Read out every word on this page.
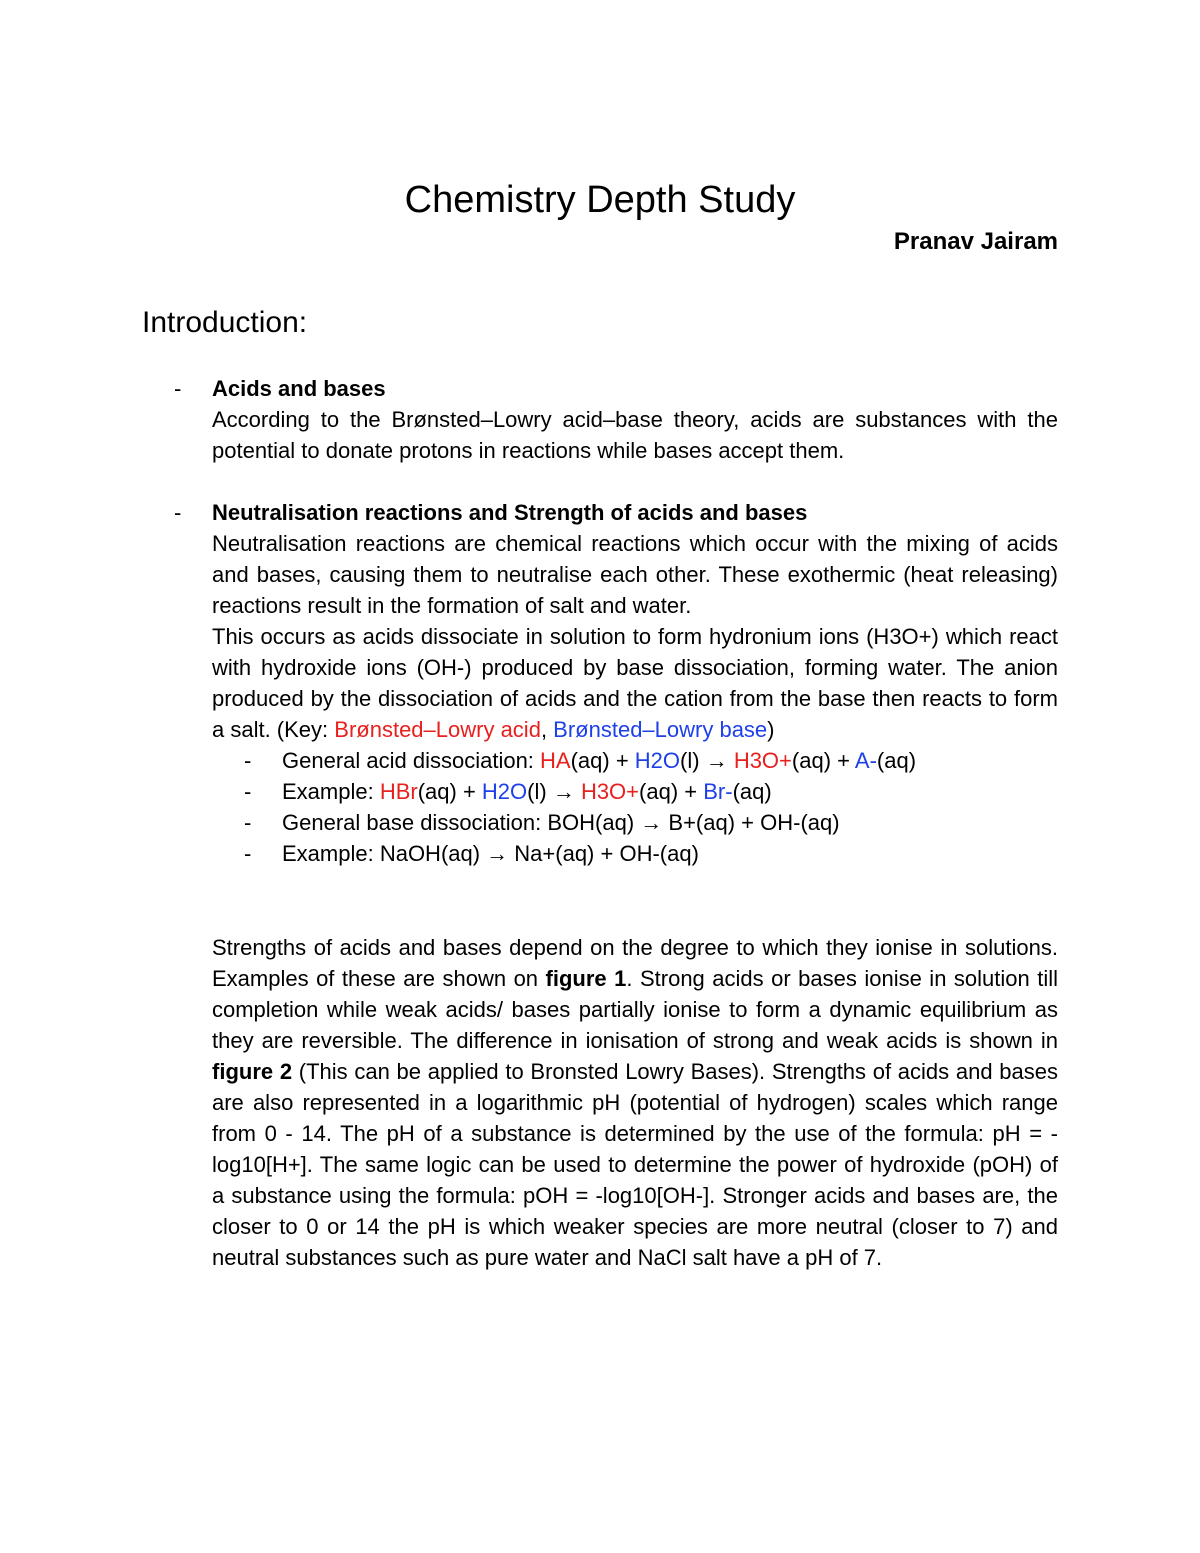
Chemistry Depth Study
Pranav Jairam
Introduction:
- Acids and bases
According to the Brønsted–Lowry acid–base theory, acids are substances with the potential to donate protons in reactions while bases accept them.
- Neutralisation reactions and Strength of acids and bases
Neutralisation reactions are chemical reactions which occur with the mixing of acids and bases, causing them to neutralise each other. These exothermic (heat releasing) reactions result in the formation of salt and water.
This occurs as acids dissociate in solution to form hydronium ions (H3O+) which react with hydroxide ions (OH-) produced by base dissociation, forming water. The anion produced by the dissociation of acids and the cation from the base then reacts to form a salt. (Key: Brønsted–Lowry acid, Brønsted–Lowry base)
- General acid dissociation: HA(aq) + H2O(l) → H3O+(aq) + A-(aq)
- Example: HBr(aq) + H2O(l) → H3O+(aq) + Br-(aq)
- General base dissociation: BOH(aq) → B+(aq) + OH-(aq)
- Example: NaOH(aq) → Na+(aq) + OH-(aq)
Strengths of acids and bases depend on the degree to which they ionise in solutions. Examples of these are shown on figure 1. Strong acids or bases ionise in solution till completion while weak acids/ bases partially ionise to form a dynamic equilibrium as they are reversible. The difference in ionisation of strong and weak acids is shown in figure 2 (This can be applied to Bronsted Lowry Bases). Strengths of acids and bases are also represented in a logarithmic pH (potential of hydrogen) scales which range from 0 - 14. The pH of a substance is determined by the use of the formula: pH = -log10[H+]. The same logic can be used to determine the power of hydroxide (pOH) of a substance using the formula: pOH = -log10[OH-]. Stronger acids and bases are, the closer to 0 or 14 the pH is which weaker species are more neutral (closer to 7) and neutral substances such as pure water and NaCl salt have a pH of 7.
